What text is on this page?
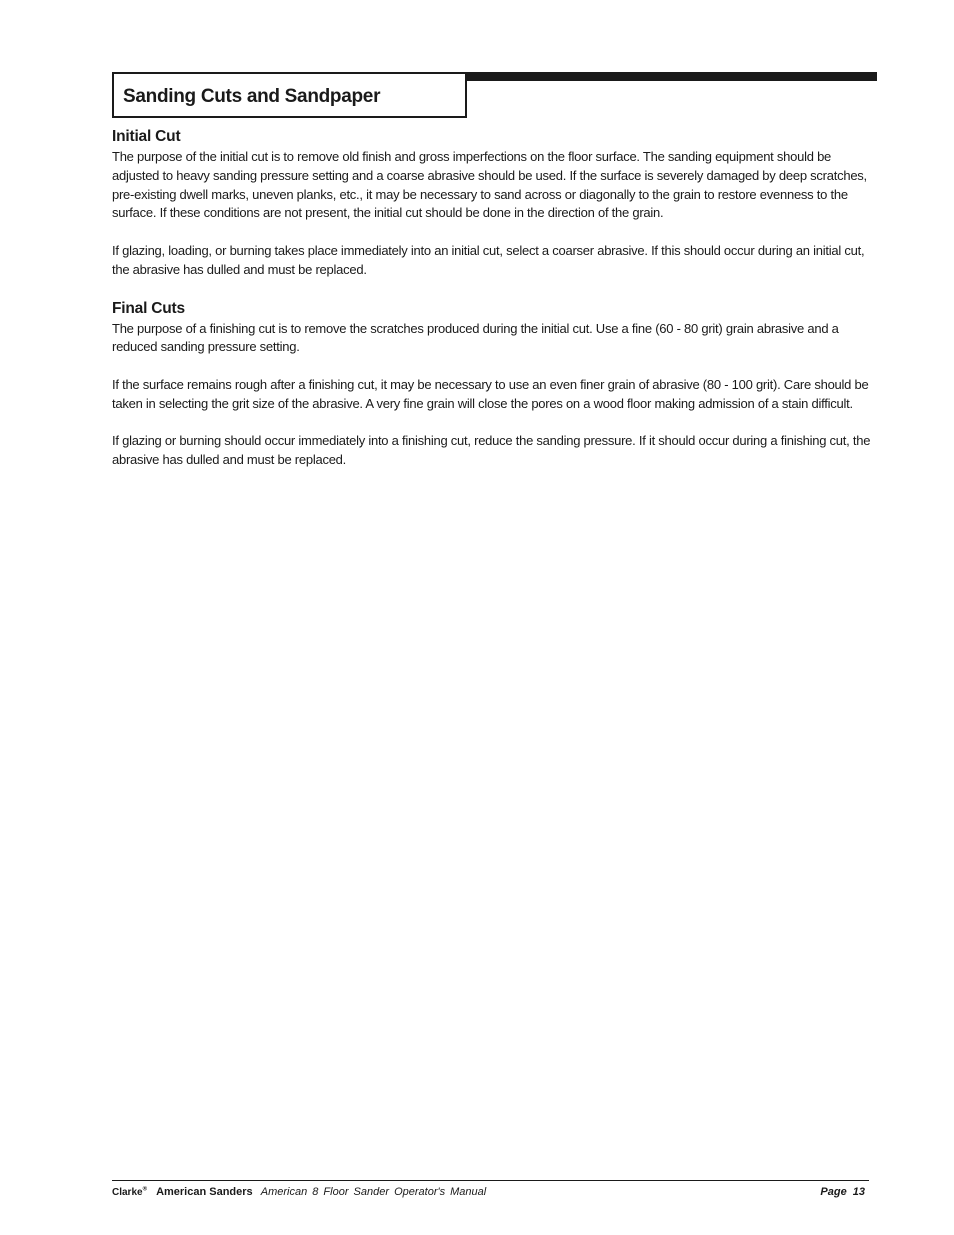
Sanding Cuts and Sandpaper
Initial Cut

The purpose of the initial cut is to remove old finish and gross imperfections on the floor surface. The sanding equipment should be adjusted to heavy sanding pressure setting and a coarse abrasive should be used. If the surface is severely damaged by deep scratches, pre-existing dwell marks, uneven planks, etc., it may be necessary to sand across or diagonally to the grain to restore evenness to the surface. If these conditions are not present, the initial cut should be done in the direction of the grain.

If glazing, loading, or burning takes place immediately into an initial cut, select a coarser abrasive. If this should occur during an initial cut, the abrasive has dulled and must be replaced.

Final Cuts

The purpose of a finishing cut is to remove the scratches produced during the initial cut. Use a fine (60 - 80 grit) grain abrasive and a reduced sanding pressure setting.

If the surface remains rough after a finishing cut, it may be necessary to use an even finer grain of abrasive (80 - 100 grit). Care should be taken in selecting the grit size of the abrasive. A very fine grain will close the pores on a wood floor making admission of a stain difficult.

If glazing or burning should occur immediately into a finishing cut, reduce the sanding pressure. If it should occur during a finishing cut, the abrasive has dulled and must be replaced.

Clarke® American Sanders American 8 Floor Sander Operator's Manual	Page 13
